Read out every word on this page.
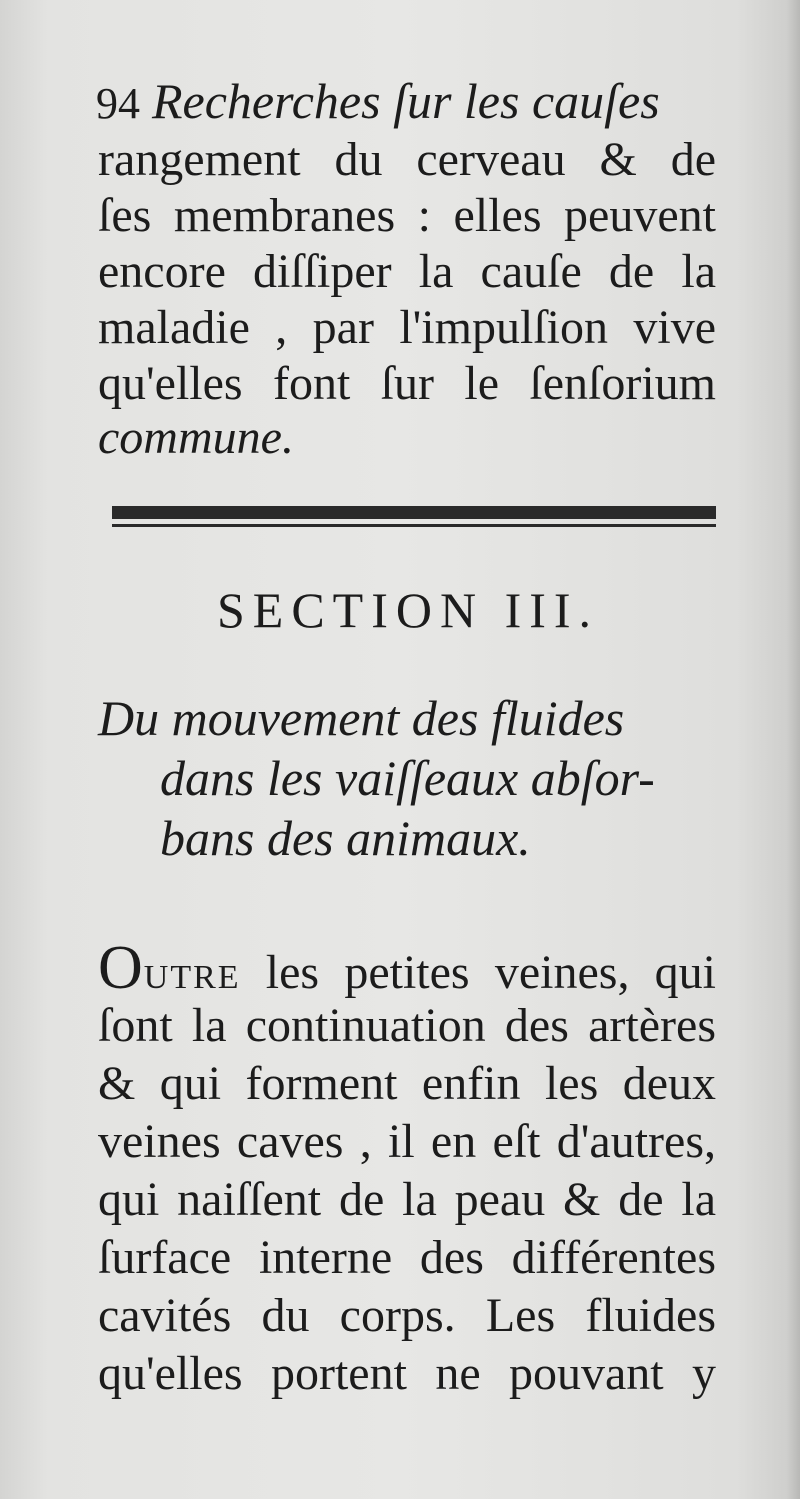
94 Recherches ſur les cauſes
rangement du cerveau & de
ſes membranes : elles peuvent
encore diſſiper la cauſe de la
maladie , par l'impulſion vive
qu'elles font ſur le ſenſorium
commune.
SECTION III.
Du mouvement des fluides
dans les vaiſſeaux abſor-
bans des animaux.
OUTRE les petites veines, qui
ſont la continuation des artères
& qui forment enfin les deux
veines caves , il en eſt d'autres,
qui naiſſent de la peau & de la
ſurface interne des différentes
cavités du corps. Les fluides
qu'elles portent ne pouvant y
